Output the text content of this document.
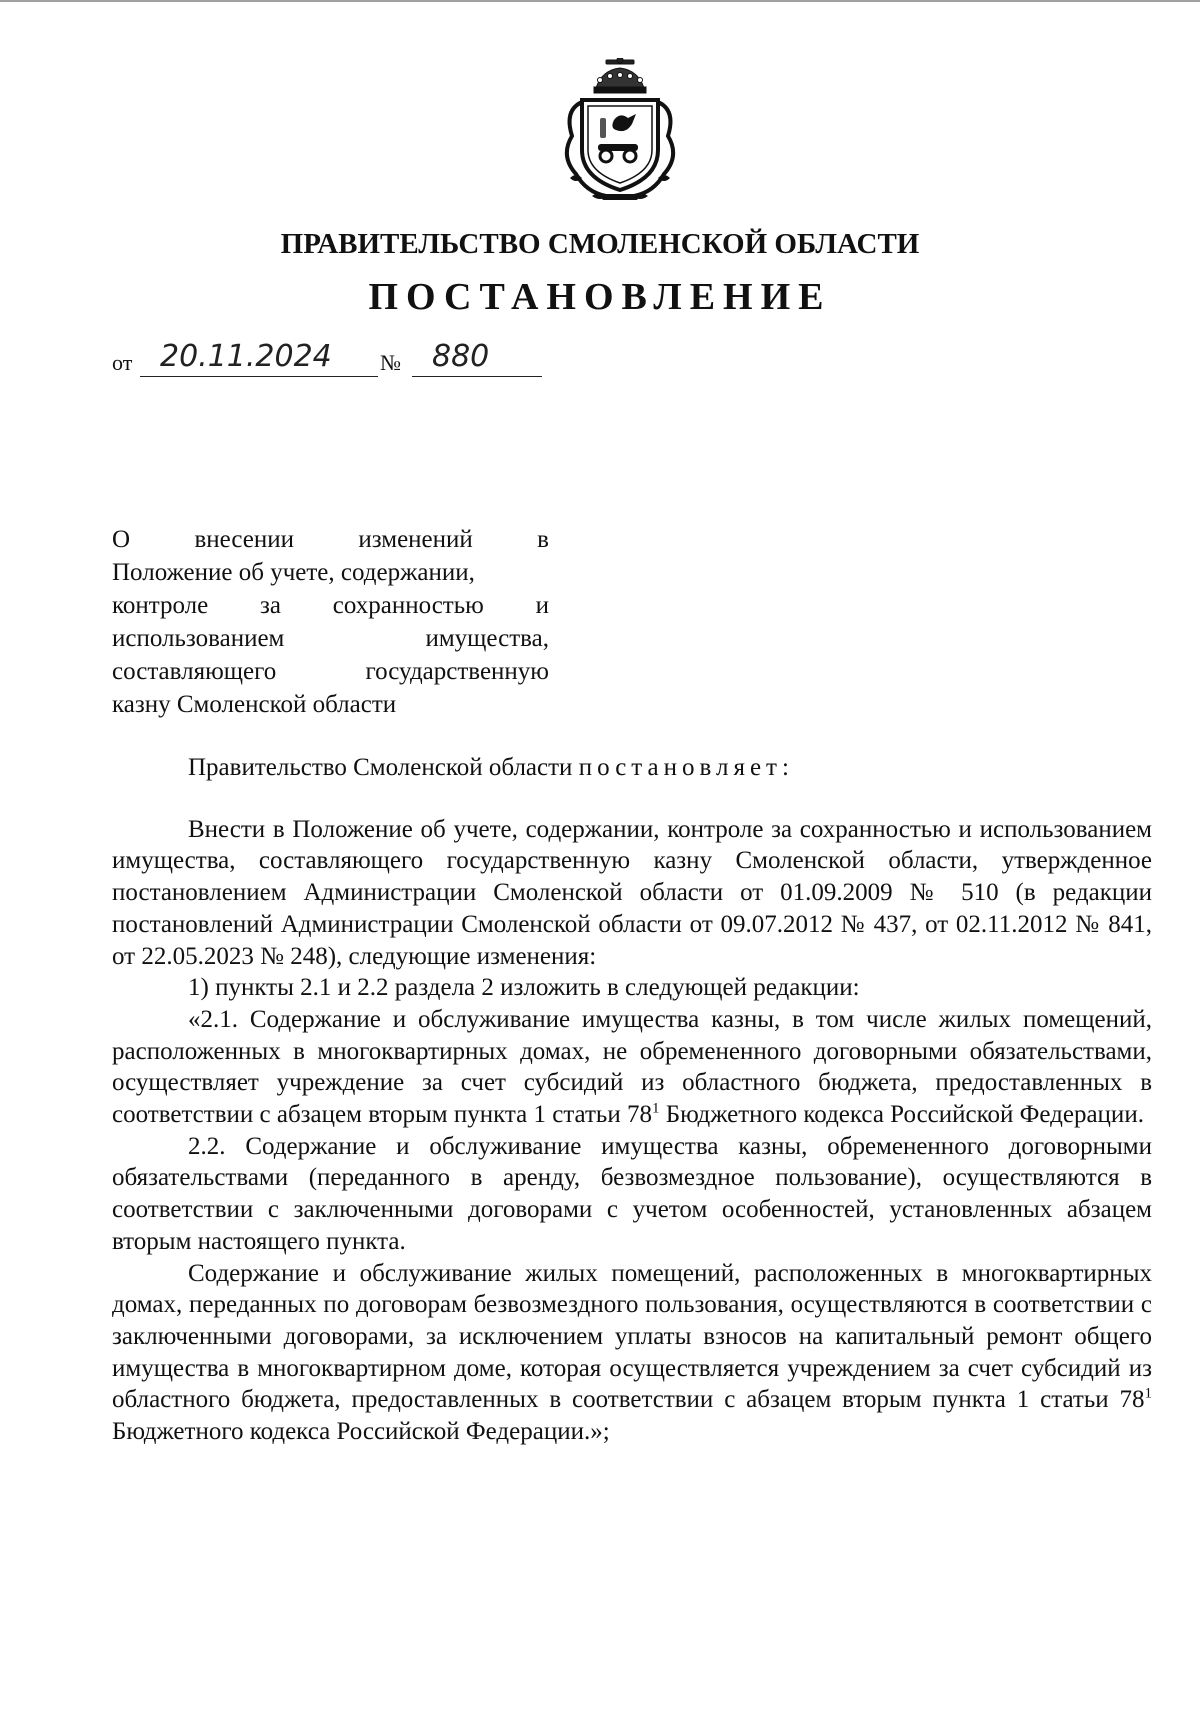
ПРАВИТЕЛЬСТВО СМОЛЕНСКОЙ ОБЛАСТИ
ПОСТАНОВЛЕНИЕ
от 20.11.2024 № 880
О	внесении	изменений	в
Положение об учете, содержании,
контроле за сохранностью и
использованием	имущества,
составляющего	государственную
казну Смоленской области

Правительство Смоленской области постановляет:

Внести в Положение об учете, содержании, контроле за сохранностью и использованием имущества, составляющего государственную казну Смоленской области, утвержденное постановлением Администрации Смоленской области от 01.09.2009 № 510 (в редакции постановлений Администрации Смоленской области от 09.07.2012 № 437, от 02.11.2012 № 841, от 22.05.2023 № 248), следующие изменения:

1) пункты 2.1 и 2.2 раздела 2 изложить в следующей редакции:

«2.1. Содержание и обслуживание имущества казны, в том числе жилых помещений, расположенных в многоквартирных домах, не обремененного договорными обязательствами, осуществляет учреждение за счет субсидий из областного бюджета, предоставленных в соответствии с абзацем вторым пункта 1 статьи $78^1$ Бюджетного кодекса Российской Федерации.

2.2. Содержание и обслуживание имущества казны, обремененного договорными обязательствами (переданного в аренду, безвозмездное пользование), осуществляются в соответствии с заключенными договорами с учетом особенностей, установленных абзацем вторым настоящего пункта.

Содержание и обслуживание жилых помещений, расположенных в многоквартирных домах, переданных по договорам безвозмездного пользования, осуществляются в соответствии с заключенными договорами, за исключением уплаты взносов на капитальный ремонт общего имущества в многоквартирном доме, которая осуществляется учреждением за счет субсидий из областного бюджета, предоставленных в соответствии с абзацем вторым пункта 1 статьи $78^1$ Бюджетного кодекса Российской Федерации.»;
